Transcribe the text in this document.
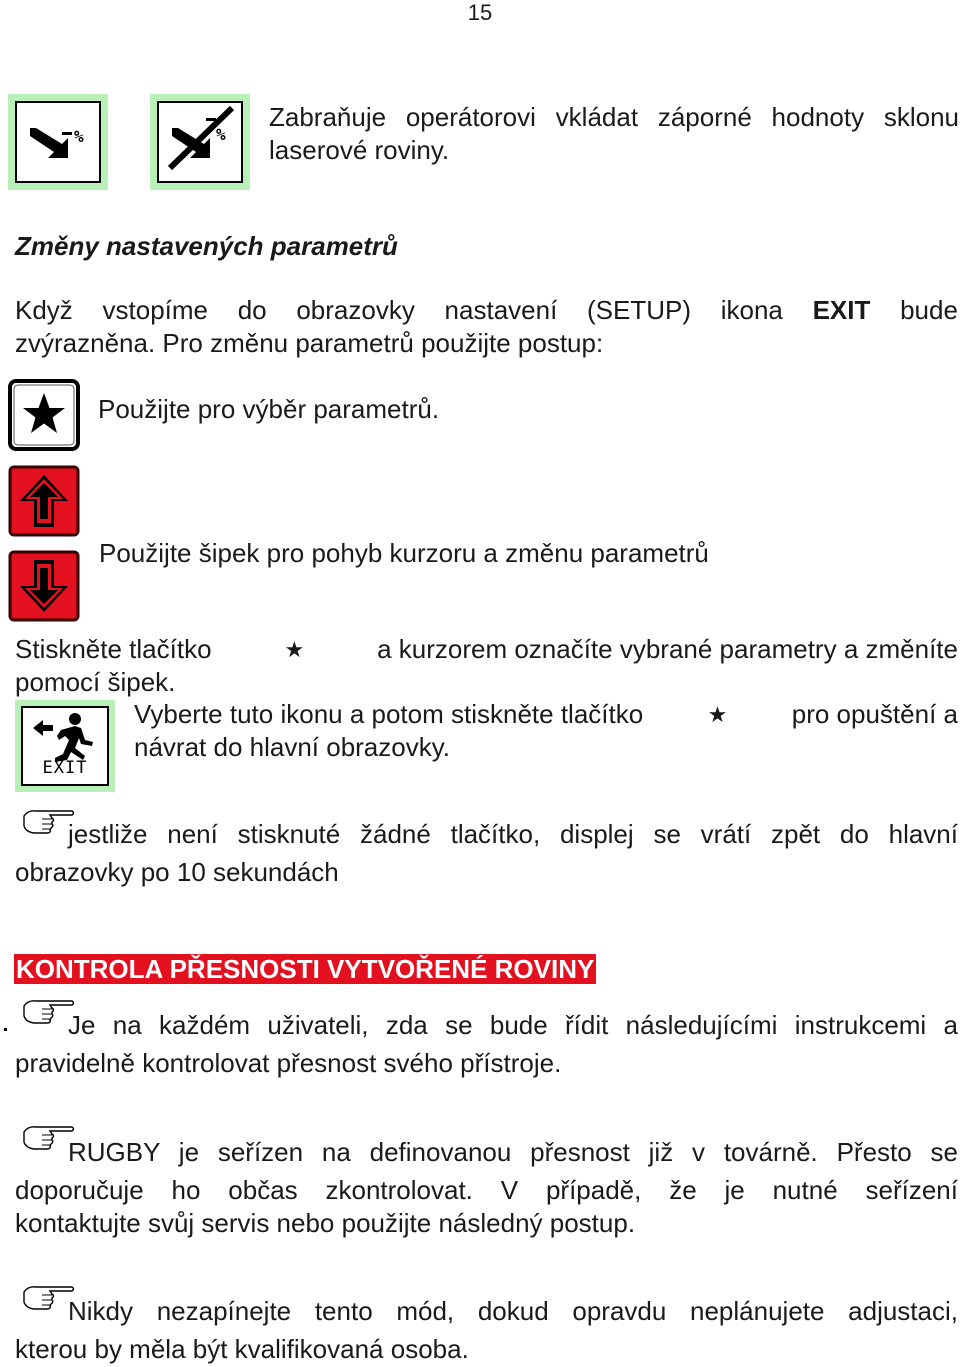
15
%	%
Zabraňuje operátorovi vkládat záporné hodnoty sklonu
laserové roviny.
Změny nastavených parametrů
Když vstopíme do obrazovky nastavení (SETUP) ikona EXIT bude
zvýrazněna. Pro změnu parametrů použijte postup:
Použijte pro výběr parametrů.
Použijte šipek pro pohyb kurzoru a změnu parametrů
Stiskněte tlačítko	★	a kurzorem označíte vybrané parametry a změníte
pomocí šipek.
EXIT
Vyberte tuto ikonu a potom stiskněte tlačítko	★ pro opuštění a
návrat do hlavní obrazovky.
jestliže není stisknuté žádné tlačítko, displej se vrátí zpět do hlavní
obrazovky po 10 sekundách
KONTROLA PŘESNOSTI VYTVOŘENÉ ROVINY
Je na každém uživateli, zda se bude řídit následujícími instrukcemi a
pravidelně kontrolovat přesnost svého přístroje.
RUGBY je seřízen na definovanou přesnost již v továrně. Přesto se
doporučuje ho občas zkontrolovat. V případě, že je nutné seřízení
kontaktujte svůj servis nebo použijte následný postup.
Nikdy nezapínejte tento mód, dokud opravdu neplánujete adjustaci,
kterou by měla být kvalifikovaná osoba.
